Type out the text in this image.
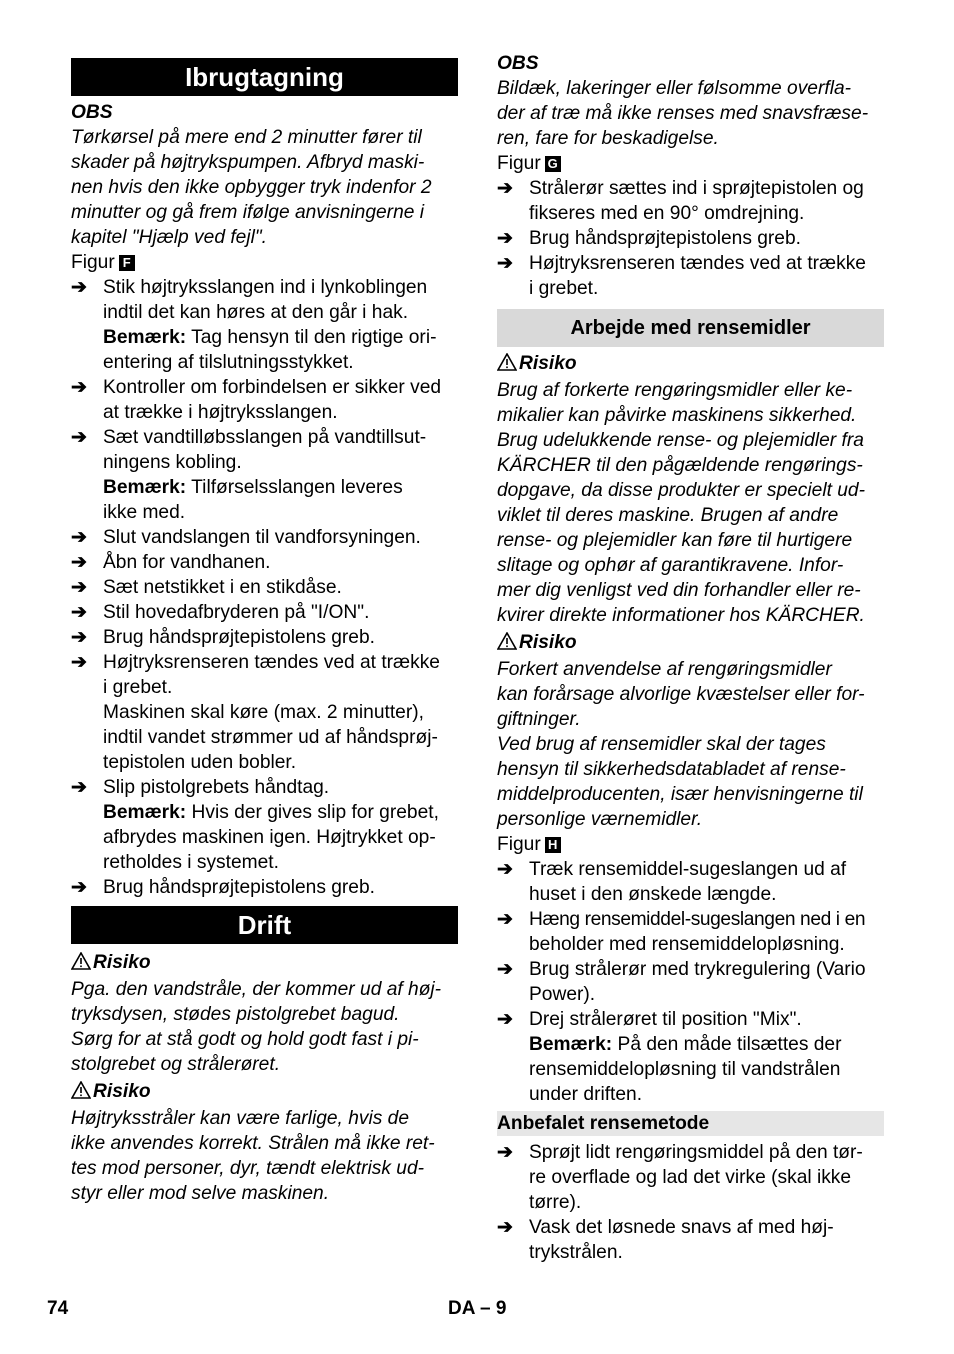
Ibrugtagning
OBS
Tørkørsel på mere end 2 minutter fører til
skader på højtrykspumpen. Afbryd maski-
nen hvis den ikke opbygger tryk indenfor 2
minutter og gå frem ifølge anvisningerne i
kapitel "Hjælp ved fejl".
Figur F
➔ Stik højtryksslangen ind i lynkoblingen
indtil det kan høres at den går i hak.
Bemærk: Tag hensyn til den rigtige ori-
entering af tilslutningsstykket.
➔ Kontroller om forbindelsen er sikker ved
at trække i højtryksslangen.
➔ Sæt vandtilløbsslangen på vandtillsut-
ningens kobling.
Bemærk: Tilførselsslangen leveres
ikke med.
➔ Slut vandslangen til vandforsyningen.
➔ Åbn for vandhanen.
➔ Sæt netstikket i en stikdåse.
➔ Stil hovedafbryderen på "I/ON".
➔ Brug håndsprøjtepistolens greb.
➔ Højtryksrenseren tændes ved at trække
i grebet.
Maskinen skal køre (max. 2 minutter),
indtil vandet strømmer ud af håndsprøj-
tepistolen uden bobler.
➔ Slip pistolgrebets håndtag.
Bemærk: Hvis der gives slip for grebet,
afbrydes maskinen igen. Højtrykket op-
retholdes i systemet.
➔ Brug håndsprøjtepistolens greb.
Drift
Risiko
Pga. den vandstråle, der kommer ud af høj-
tryksdysen, stødes pistolgrebet bagud.
Sørg for at stå godt og hold godt fast i pi-
stolgrebet og strålerøret.
Risiko
Højtryksstråler kan være farlige, hvis de
ikke anvendes korrekt. Strålen må ikke ret-
tes mod personer, dyr, tændt elektrisk ud-
styr eller mod selve maskinen.
OBS
Bildæk, lakeringer eller følsomme overfla-
der af træ må ikke renses med snavsfræse-
ren, fare for beskadigelse.
Figur G
➔ Strålerør sættes ind i sprøjtepistolen og
fikseres med en 90° omdrejning.
➔ Brug håndsprøjtepistolens greb.
➔ Højtryksrenseren tændes ved at trække
i grebet.
Arbejde med rensemidler
Risiko
Brug af forkerte rengøringsmidler eller ke-
mikalier kan påvirke maskinens sikkerhed.
Brug udelukkende rense- og plejemidler fra
KÄRCHER til den pågældende rengørings-
dopgave, da disse produkter er specielt ud-
viklet til deres maskine. Brugen af andre
rense- og plejemidler kan føre til hurtigere
slitage og ophør af garantikravene. Infor-
mer dig venligst ved din forhandler eller re-
kvirer direkte informationer hos KÄRCHER.
Risiko
Forkert anvendelse af rengøringsmidler
kan forårsage alvorlige kvæstelser eller for-
giftninger.
Ved brug af rensemidler skal der tages
hensyn til sikkerhedsdatabladet af rense-
middelproducenten, især henvisningerne til
personlige værnemidler.
Figur H
➔ Træk rensemiddel-sugeslangen ud af
huset i den ønskede længde.
➔ Hæng rensemiddel-sugeslangen ned i en
beholder med rensemiddelopløsning.
➔ Brug strålerør med trykregulering (Vario
Power).
➔ Drej strålerøret til position "Mix".
Bemærk: På den måde tilsættes der
rensemiddelopløsning til vandstrålen
under driften.
Anbefalet rensemetode
➔ Sprøjt lidt rengøringsmiddel på den tør-
re overflade og lad det virke (skal ikke
tørre).
➔ Vask det løsnede snavs af med høj-
trykstrålen.
74	DA – 9
